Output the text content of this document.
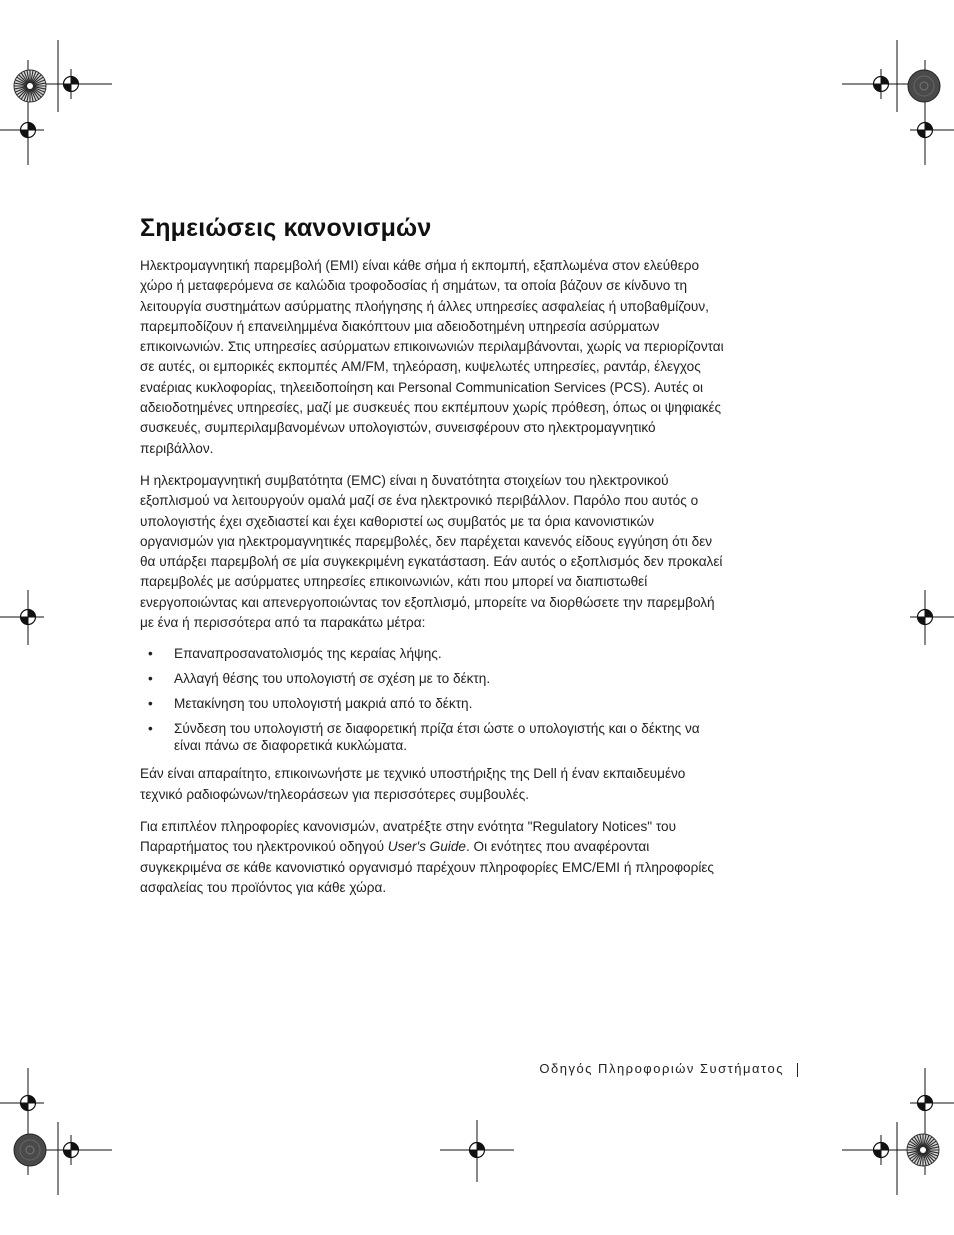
Σημειώσεις κανονισμών

Ηλεκτρομαγνητική παρεμβολή (EMI) είναι κάθε σήμα ή εκπομπή, εξαπλωμένα στον ελεύθερο χώρο ή μεταφερόμενα σε καλώδια τροφοδοσίας ή σημάτων, τα οποία βάζουν σε κίνδυνο τη λειτουργία συστημάτων ασύρματης πλοήγησης ή άλλες υπηρεσίες ασφαλείας ή υποβαθμίζουν, παρεμποδίζουν ή επανειλημμένα διακόπτουν μια αδειοδοτημένη υπηρεσία ασύρματων επικοινωνιών. Στις υπηρεσίες ασύρματων επικοινωνιών περιλαμβάνονται, χωρίς να περιορίζονται σε αυτές, οι εμπορικές εκπομπές AM/FM, τηλεόραση, κυψελωτές υπηρεσίες, ραντάρ, έλεγχος εναέριας κυκλοφορίας, τηλεειδοποίηση και Personal Communication Services (PCS). Αυτές οι αδειοδοτημένες υπηρεσίες, μαζί με συσκευές που εκπέμπουν χωρίς πρόθεση, όπως οι ψηφιακές συσκευές, συμπεριλαμβανομένων υπολογιστών, συνεισφέρουν στο ηλεκτρομαγνητικό περιβάλλον.

Η ηλεκτρομαγνητική συμβατότητα (EMC) είναι η δυνατότητα στοιχείων του ηλεκτρονικού εξοπλισμού να λειτουργούν ομαλά μαζί σε ένα ηλεκτρονικό περιβάλλον. Παρόλο που αυτός ο υπολογιστής έχει σχεδιαστεί και έχει καθοριστεί ως συμβατός με τα όρια κανονιστικών οργανισμών για ηλεκτρομαγνητικές παρεμβολές, δεν παρέχεται κανενός είδους εγγύηση ότι δεν θα υπάρξει παρεμβολή σε μία συγκεκριμένη εγκατάσταση. Εάν αυτός ο εξοπλισμός δεν προκαλεί παρεμβολές με ασύρματες υπηρεσίες επικοινωνιών, κάτι που μπορεί να διαπιστωθεί ενεργοποιώντας και απενεργοποιώντας τον εξοπλισμό, μπορείτε να διορθώσετε την παρεμβολή με ένα ή περισσότερα από τα παρακάτω μέτρα:

• Επαναπροσανατολισμός της κεραίας λήψης.
• Αλλαγή θέσης του υπολογιστή σε σχέση με το δέκτη.
• Μετακίνηση του υπολογιστή μακριά από το δέκτη.
• Σύνδεση του υπολογιστή σε διαφορετική πρίζα έτσι ώστε ο υπολογιστής και ο δέκτης να είναι πάνω σε διαφορετικά κυκλώματα.

Εάν είναι απαραίτητο, επικοινωνήστε με τεχνικό υποστήριξης της Dell ή έναν εκπαιδευμένο τεχνικό ραδιοφώνων/τηλεοράσεων για περισσότερες συμβουλές.

Για επιπλέον πληροφορίες κανονισμών, ανατρέξτε στην ενότητα "Regulatory Notices" του Παραρτήματος του ηλεκτρονικού οδηγού User's Guide. Οι ενότητες που αναφέρονται συγκεκριμένα σε κάθε κανονιστικό οργανισμό παρέχουν πληροφορίες EMC/EMI ή πληροφορίες ασφαλείας του προϊόντος για κάθε χώρα.

Οδηγός Πληροφοριών Συστήματος
